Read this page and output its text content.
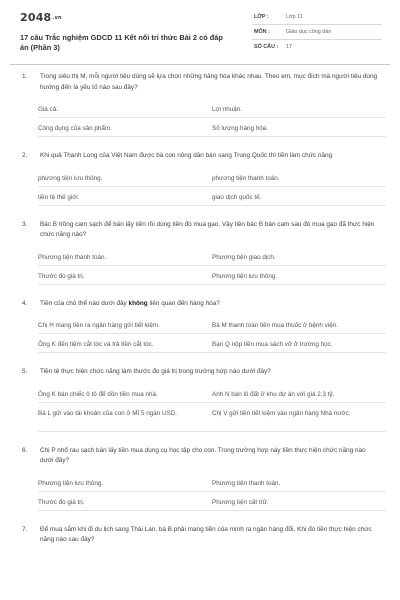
2048.vn
17 câu Trắc nghiệm GDCD 11 Kết nối tri thức Bài 2 có đáp án (Phần 3)
LỚP :	Lớp 11
MÔN :	Giáo dục công dân
SỐ CÂU : 17
1. Trong siêu thị M, mỗi người tiêu dùng sẽ lựa chọn những hàng hóa khác nhau. Theo em, mục đích mà người tiêu dùng hướng đến là yếu tố nào sau đây?
Giá cả.	Lợi nhuận.
Công dụng của sản phẩm.	Số lượng hàng hóa.
2. Khi quả Thanh Long của Việt Nam được bà con nông dân bán sang Trung Quốc thì tiền làm chức năng
phương tiện lưu thông.	phương tiện thanh toán.
tiền tệ thế giới.	giao dịch quốc tế.
3. Bác B trồng cam sạch để bán lấy tiền rồi dùng tiền đó mua gạo. Vậy tiền bác B bán cam sau đó mua gạo đã thực hiện chức năng nào?
Phương tiện thanh toán.	Phương tiện giao dịch.
Thước đo giá trị.	Phương tiện lưu thông.
4. Tiền của chủ thể nào dưới đây không liên quan đến hàng hóa?
Chị H mang tiền ra ngân hàng gửi tiết kiệm.	Bà M thanh toán tiền mua thuốc ở bệnh viện.
Ông K đến tiệm cắt tóc và trả tiền cắt tóc.	Bạn Q nộp tiền mua sách vở ở trường học.
5. Tiền tệ thực hiện chức năng làm thước đo giá trị trong trường hợp nào dưới đây?
Ông K bán chiếc ô tô để dồn tiền mua nhà.	Anh N bán lô đất ở khu dự án với giá 2,3 tỷ.
Bà L gửi vào tài khoản của con ở Mĩ 5 ngàn USD.	Chị V gửi tiền tiết kiệm vào ngân hàng Nhà nước.
6. Chị P nhổ rau sạch bán lấy tiền mua dụng cụ học tập cho con. Trong trường hợp này tiền thực hiện chức năng nào dưới đây?
Phương tiện lưu thông.	Phương tiện thanh toán.
Thước đo giá trị.	Phương tiện cất trữ.
7. Để mua sắm khi đi du lịch sang Thái Lan, bà B phải mang tiền của mình ra ngân hàng đổi. Khi đó tiền thực hiện chức năng nào sau đây?
